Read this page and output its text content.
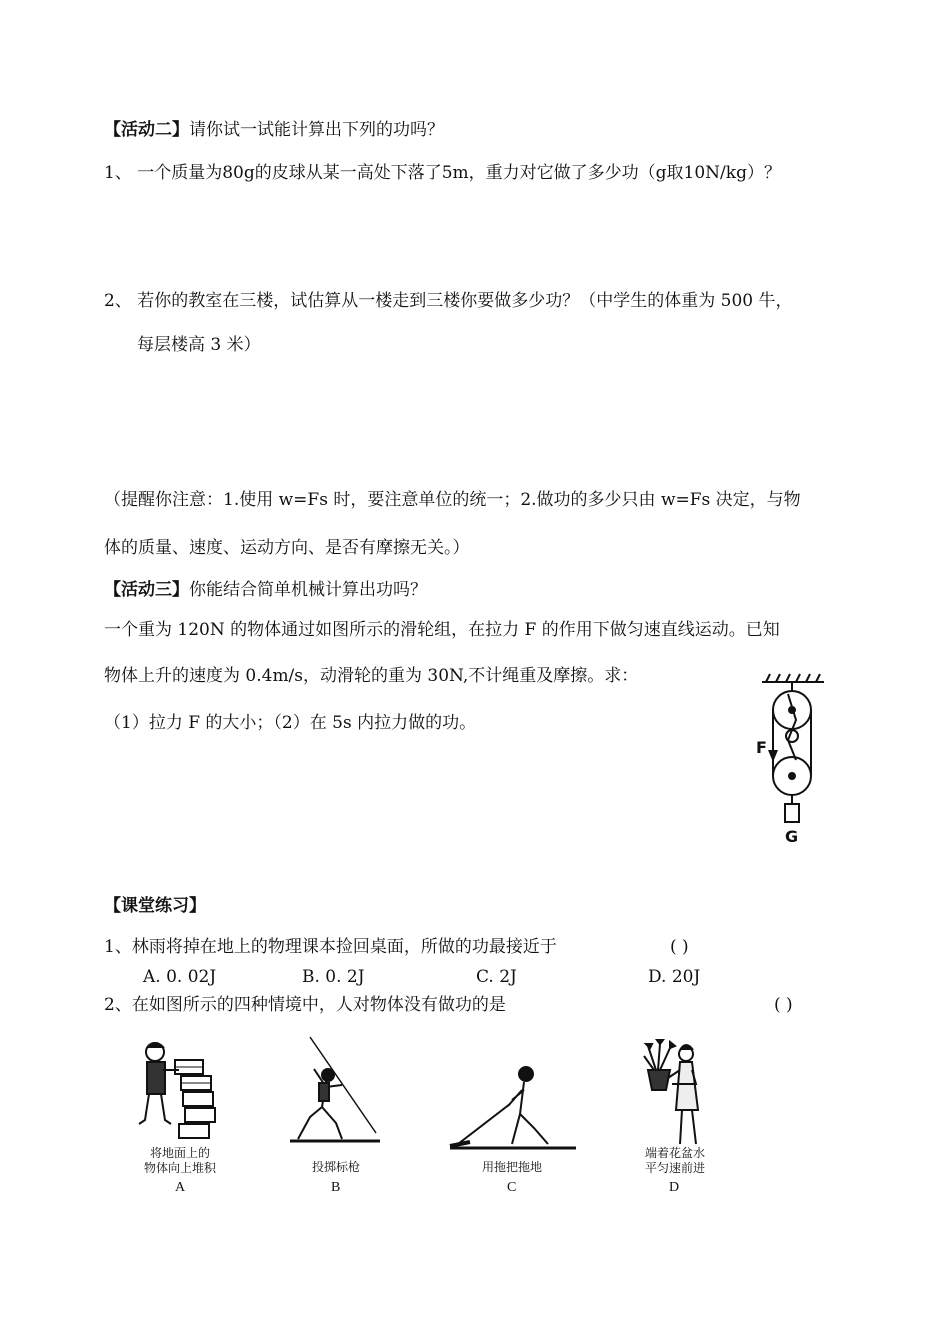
【活动二】请你试一试能计算出下列的功吗？
1、 一个质量为80g的皮球从某一高处下落了5m，重力对它做了多少功（g取10N/kg）？
2、 若你的教室在三楼，试估算从一楼走到三楼你要做多少功？（中学生的体重为 500 牛，
每层楼高 3 米）
（提醒你注意：1.使用 w=Fs 时，要注意单位的统一；2.做功的多少只由 w=Fs 决定，与物
体的质量、速度、运动方向、是否有摩擦无关。）
【活动三】你能结合简单机械计算出功吗？
一个重为 120N 的物体通过如图所示的滑轮组，在拉力 F 的作用下做匀速直线运动。已知
物体上升的速度为 0.4m/s，动滑轮的重为 30N,不计绳重及摩擦。求：
（1）拉力 F 的大小；（2）在 5s 内拉力做的功。
F
G
【课堂练习】
1、林雨将掉在地上的物理课本捡回桌面，所做的功最接近于	( )
A. 0. 02J	B. 0. 2J	C. 2J	D. 20J
2、在如图所示的四种情境中，人对物体没有做功的是	( )
将地面上的
物体向上堆积
A
投掷标枪
B
用拖把拖地
C
端着花盆水
平匀速前进
D
